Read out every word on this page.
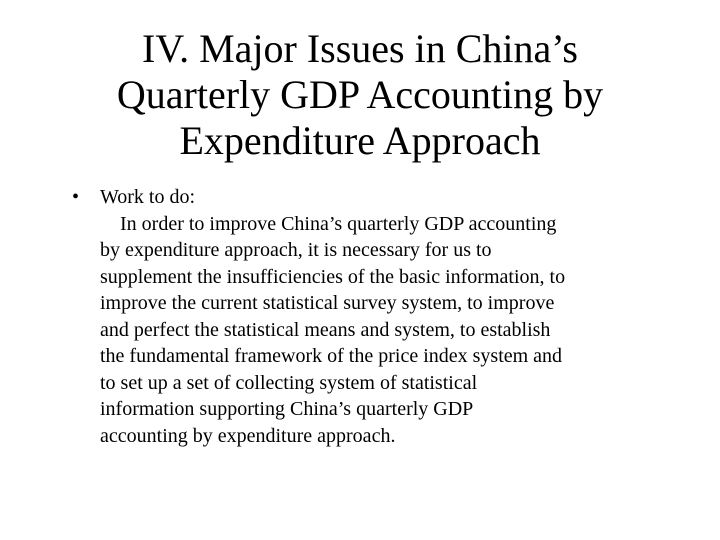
IV. Major Issues in China’s
Quarterly GDP Accounting by
Expenditure Approach
• Work to do:

In order to improve China’s quarterly GDP accounting
by expenditure approach, it is necessary for us to
supplement the insufficiencies of the basic information, to
improve the current statistical survey system, to improve
and perfect the statistical means and system, to establish
the fundamental framework of the price index system and
to set up a set of collecting system of statistical
information supporting China’s quarterly GDP
accounting by expenditure approach.
